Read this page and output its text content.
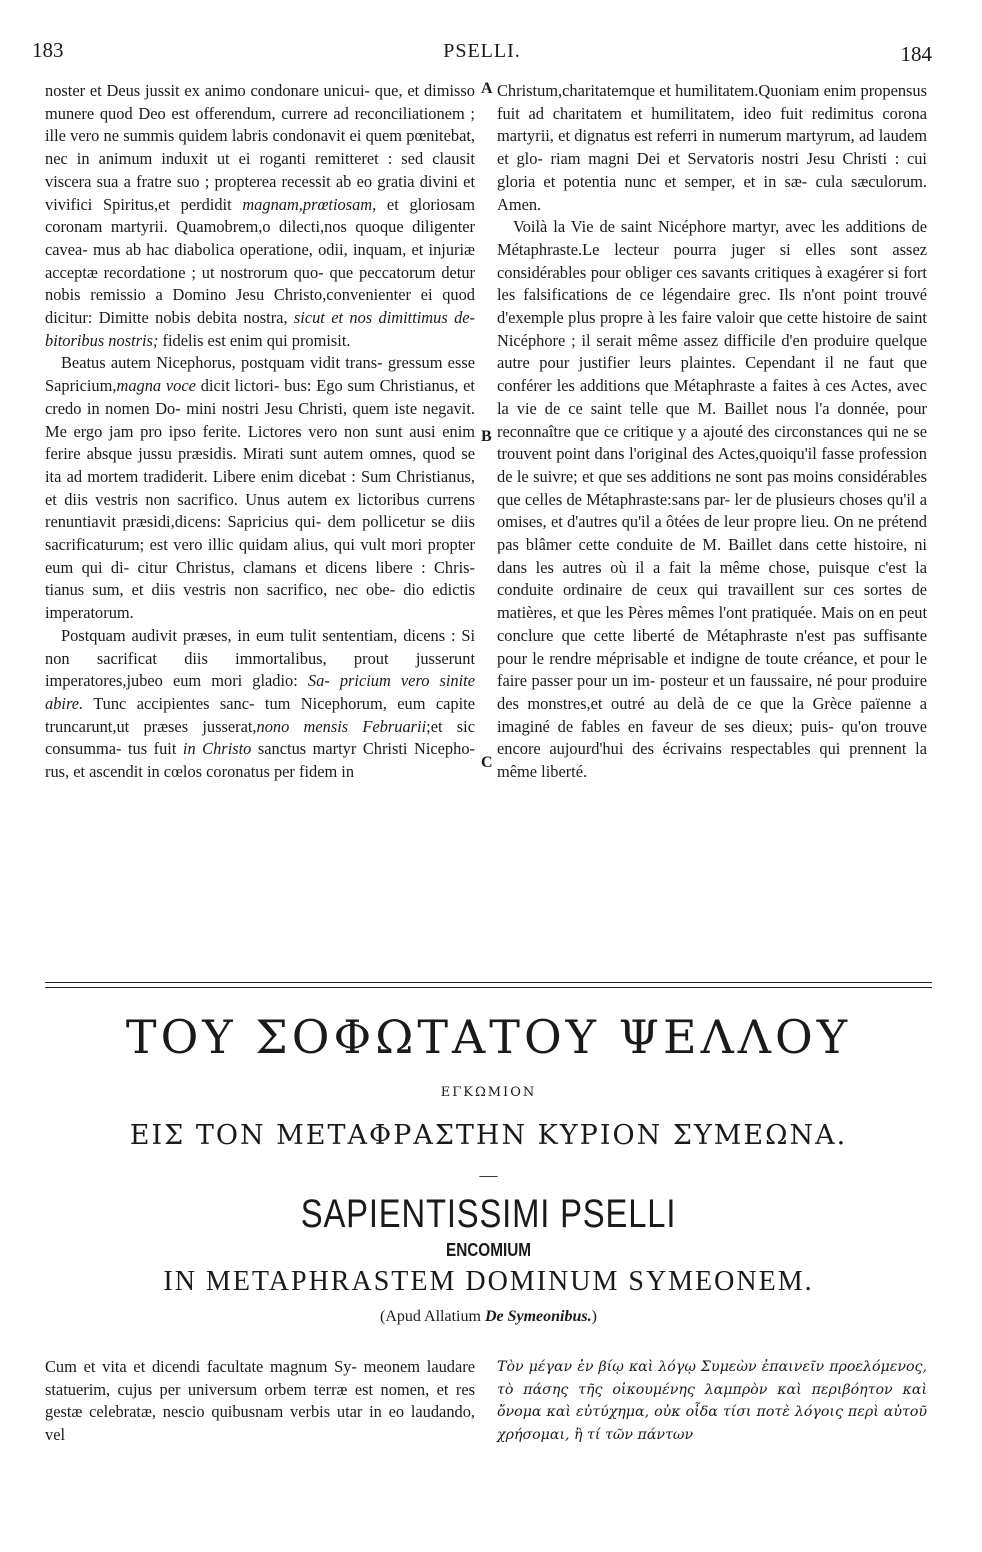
183	PSELLI.	184
A
B
C

noster et Deus jussit ex animo condonare unicui- que, et dimisso munere quod Deo est offerendum, currere ad reconciliationem ; ille vero ne summis quidem labris condonavit ei quem pœnitebat, nec in animum induxit ut ei roganti remitteret : sed clausit viscera sua a fratre suo ; propterea recessit ab eo gratia divini et vivifici Spiritus,et perdidit magnam,prœtiosam, et gloriosam coronam martyrii. Quamobrem,o dilecti,nos quoque diligenter cavea- mus ab hac diabolica operatione, odii, inquam, et injuriæ acceptæ recordatione ; ut nostrorum quo- que peccatorum detur nobis remissio a Domino Jesu Christo,convenienter ei quod dicitur: Dimitte nobis debita nostra, sicut et nos dimittimus de- bitoribus nostris; fidelis est enim qui promisit.

Beatus autem Nicephorus, postquam vidit trans- gressum esse Sapricium,magna voce dicit lictori- bus: Ego sum Christianus, et credo in nomen Do- mini nostri Jesu Christi, quem iste negavit. Me ergo jam pro ipso ferite. Lictores vero non sunt ausi enim ferire absque jussu præsidis. Mirati sunt autem omnes, quod se ita ad mortem tradiderit. Libere enim dicebat : Sum Christianus, et diis vestris non sacrifico. Unus autem ex lictoribus currens renuntiavit præsidi,dicens: Sapricius qui- dem pollicetur se diis sacrificaturum; est vero illic quidam alius, qui vult mori propter eum qui di- citur Christus, clamans et dicens libere : Chris- tianus sum, et diis vestris non sacrifico, nec obe- dio edictis imperatorum.

Postquam audivit præses, in eum tulit sententiam, dicens : Si non sacrificat diis immortalibus, prout jusserunt imperatores,jubeo eum mori gladio: Sa- pricium vero sinite abire. Tunc accipientes sanc- tum Nicephorum, eum capite truncarunt,ut præses jusserat,nono mensis Februarii;et sic consumma- tus fuit in Christo sanctus martyr Christi Nicepho- rus, et ascendit in cœlos coronatus per fidem in

Christum,charitatemque et humilitatem.Quoniam enim propensus fuit ad charitatem et humilitatem, ideo fuit redimitus corona martyrii, et dignatus est referri in numerum martyrum, ad laudem et glo- riam magni Dei et Servatoris nostri Jesu Christi : cui gloria et potentia nunc et semper, et in sæ- cula sæculorum. Amen.

Voilà la Vie de saint Nicéphore martyr, avec les additions de Métaphraste.Le lecteur pourra juger si elles sont assez considérables pour obliger ces savants critiques à exagérer si fort les falsifications de ce légendaire grec. Ils n'ont point trouvé d'exemple plus propre à les faire valoir que cette histoire de saint Nicéphore ; il serait même assez difficile d'en produire quelque autre pour justifier leurs plaintes. Cependant il ne faut que conférer les additions que Métaphraste a faites à ces Actes, avec la vie de ce saint telle que M. Baillet nous l'a donnée, pour reconnaître que ce critique y a ajouté des circonstances qui ne se trouvent point dans l'original des Actes,quoiqu'il fasse profession de le suivre; et que ses additions ne sont pas moins considérables que celles de Métaphraste:sans par- ler de plusieurs choses qu'il a omises, et d'autres qu'il a ôtées de leur propre lieu. On ne prétend pas blâmer cette conduite de M. Baillet dans cette histoire, ni dans les autres où il a fait la même chose, puisque c'est la conduite ordinaire de ceux qui travaillent sur ces sortes de matières, et que les Pères mêmes l'ont pratiquée. Mais on en peut conclure que cette liberté de Métaphraste n'est pas suffisante pour le rendre méprisable et indigne de toute créance, et pour le faire passer pour un im- posteur et un faussaire, né pour produire des monstres,et outré au delà de ce que la Grèce païenne a imaginé de fables en faveur de ses dieux; puis- qu'on trouve encore aujourd'hui des écrivains respectables qui prennent la même liberté.

ΤΟΥ ΣΟΦΩΤΑΤΟΥ ΨΕΛΛΟΥ
ΕΓΚΩΜΙΟΝ
ΕΙΣ ΤΟΝ ΜΕΤΑΦΡΑΣΤΗΝ ΚΥΡΙΟΝ ΣΥΜΕΩΝΑ.
—
SAPIENTISSIMI PSELLI
ENCOMIUM
IN METAPHRASTEM DOMINUM SYMEONEM.
(Apud Allatium De Symeonibus.)
Cum et vita et dicendi facultate magnum Sy- meonem laudare statuerim, cujus per universum orbem terræ est nomen, et res gestæ celebratæ, nescio quibusnam verbis utar in eo laudando, vel
Τὸν μέγαν ἐν βίῳ καὶ λόγῳ Συμεὼν ἐπαινεῖν προελόμενος, τὸ πάσης τῆς οἰκουμένης λαμπρὸν καὶ περιβόητον καὶ ὄνομα καὶ εὐτύχημα, οὐκ οἶδα τίσι ποτὲ λόγοις περὶ αὐτοῦ χρήσομαι, ἢ τί τῶν πάντων
